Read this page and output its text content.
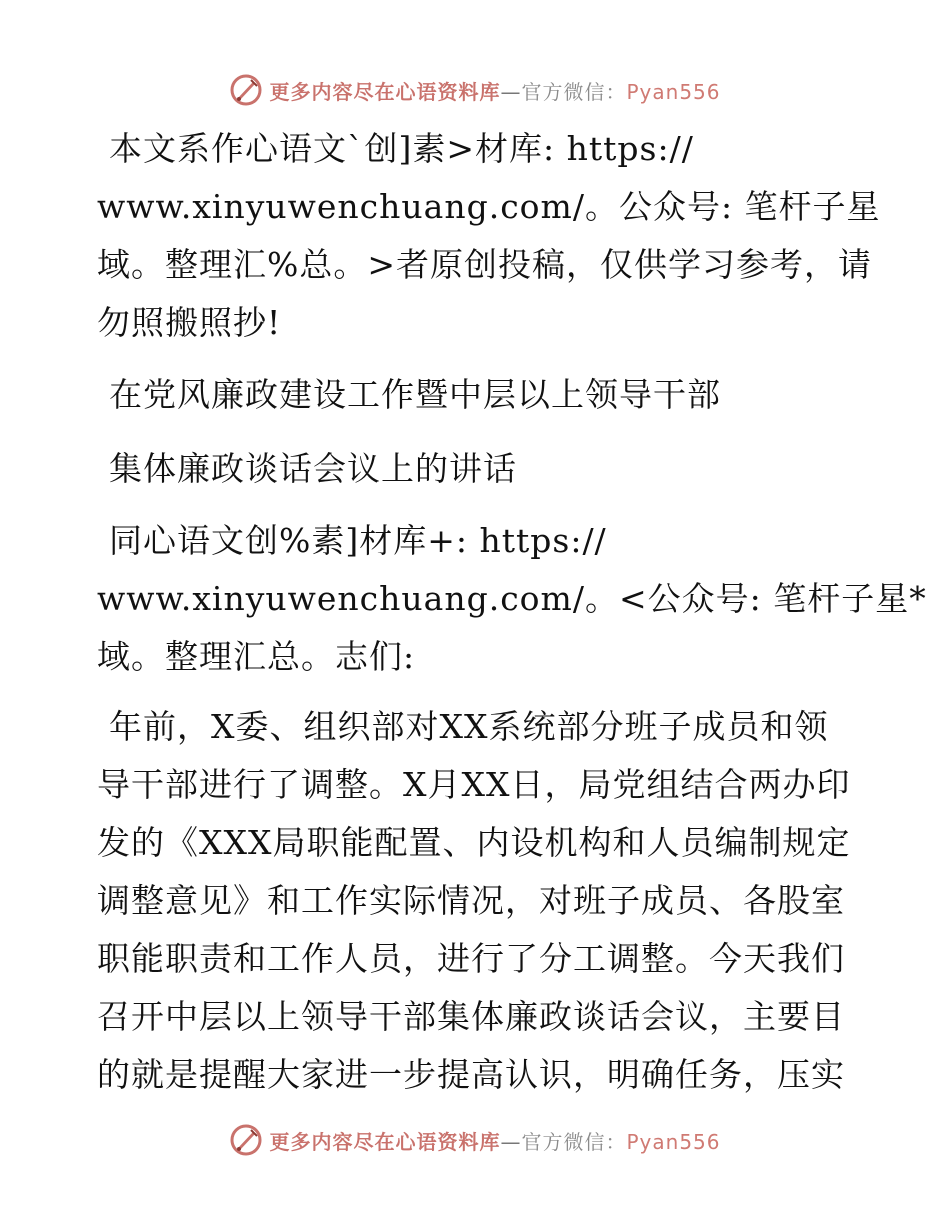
更多内容尽在心语资料库—官方微信：Pyan556
本文系作心语文`创]素>材库: https://
www.xinyuwenchuang.com/。公众号: 笔杆子星
域。整理汇%总。>者原创投稿，仅供学习参考，请
勿照搬照抄!
在党风廉政建设工作暨中层以上领导干部
集体廉政谈话会议上的讲话
同心语文创%素]材库+: https://
www.xinyuwenchuang.com/。<公众号: 笔杆子星*
域。整理汇总。志们:
年前，X委、组织部对XX系统部分班子成员和领
导干部进行了调整。X月XX日，局党组结合两办印
发的《XXX局职能配置、内设机构和人员编制规定
调整意见》和工作实际情况，对班子成员、各股室
职能职责和工作人员，进行了分工调整。今天我们
召开中层以上领导干部集体廉政谈话会议，主要目
的就是提醒大家进一步提高认识，明确任务，压实
更多内容尽在心语资料库—官方微信：Pyan556
